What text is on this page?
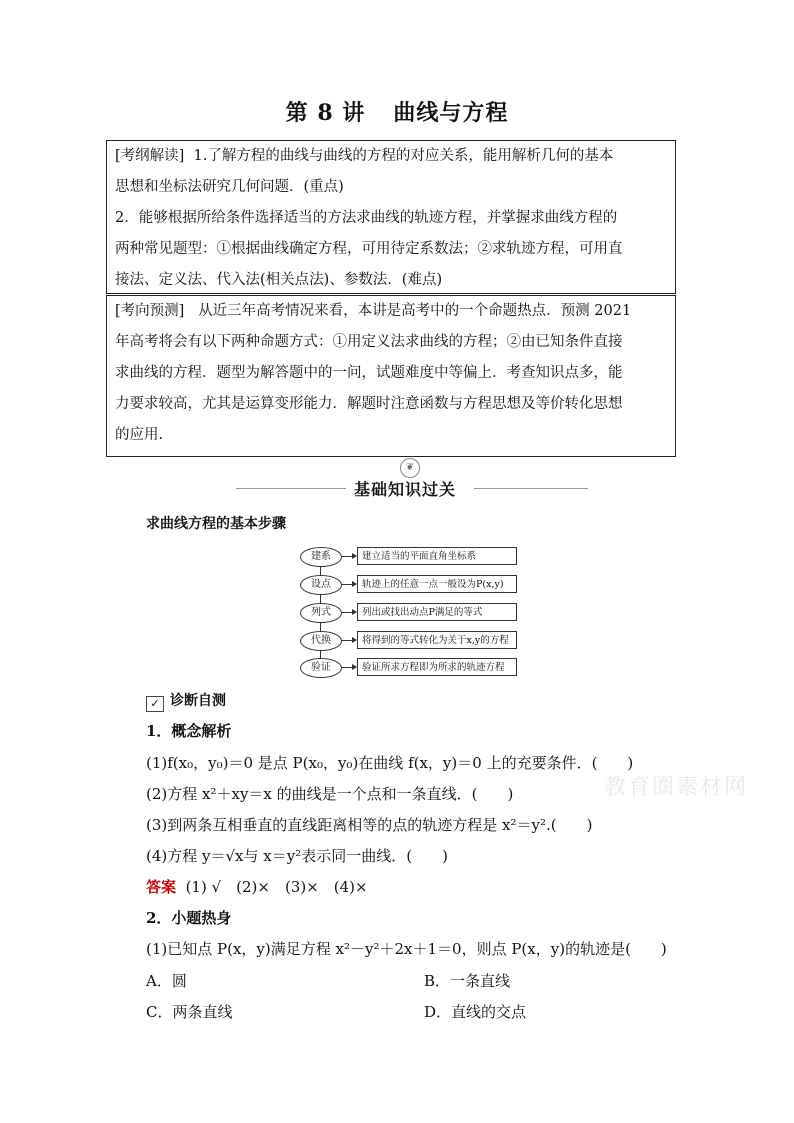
第 8 讲 曲线与方程

[考纲解读] 1.了解方程的曲线与曲线的方程的对应关系，能用解析几何的基本

思想和坐标法研究几何问题．(重点)

2．能够根据所给条件选择适当的方法求曲线的轨迹方程，并掌握求曲线方程的

两种常见题型：①根据曲线确定方程，可用待定系数法；②求轨迹方程，可用直

接法、定义法、代入法(相关点法)、参数法．(难点)

[考向预测] 从近三年高考情况来看，本讲是高考中的一个命题热点．预测 2021

年高考将会有以下两种命题方式：①用定义法求曲线的方程；②由已知条件直接

求曲线的方程．题型为解答题中的一问，试题难度中等偏上．考查知识点多，能

力要求较高，尤其是运算变形能力．解题时注意函数与方程思想及等价转化思想

的应用.

❦
基础知识过关
求曲线方程的基本步骤
建系	建立适当的平面直角坐标系
设点	轨迹上的任意一点一般设为P(x,y)
列式	列出或找出动点P满足的等式
代换	将得到的等式转化为关于x,y的方程
验证	验证所求方程即为所求的轨迹方程
✓ 诊断自测
1．概念解析
(1)f(x₀，y₀)＝0 是点 P(x₀，y₀)在曲线 f(x，y)＝0 上的充要条件．(　　)
(2)方程 x²＋xy＝x 的曲线是一个点和一条直线．(　　)
(3)到两条互相垂直的直线距离相等的点的轨迹方程是 x²＝y².(　　)
(4)方程 y＝√x与 x＝y²表示同一曲线．(　　)
答案 (1) √　(2)×　(3)×　(4)×
2．小题热身
(1)已知点 P(x，y)满足方程 x²－y²＋2x＋1＝0，则点 P(x，y)的轨迹是(　　)
A．圆	B．一条直线
C．两条直线	D．直线的交点
教育圈素材网
